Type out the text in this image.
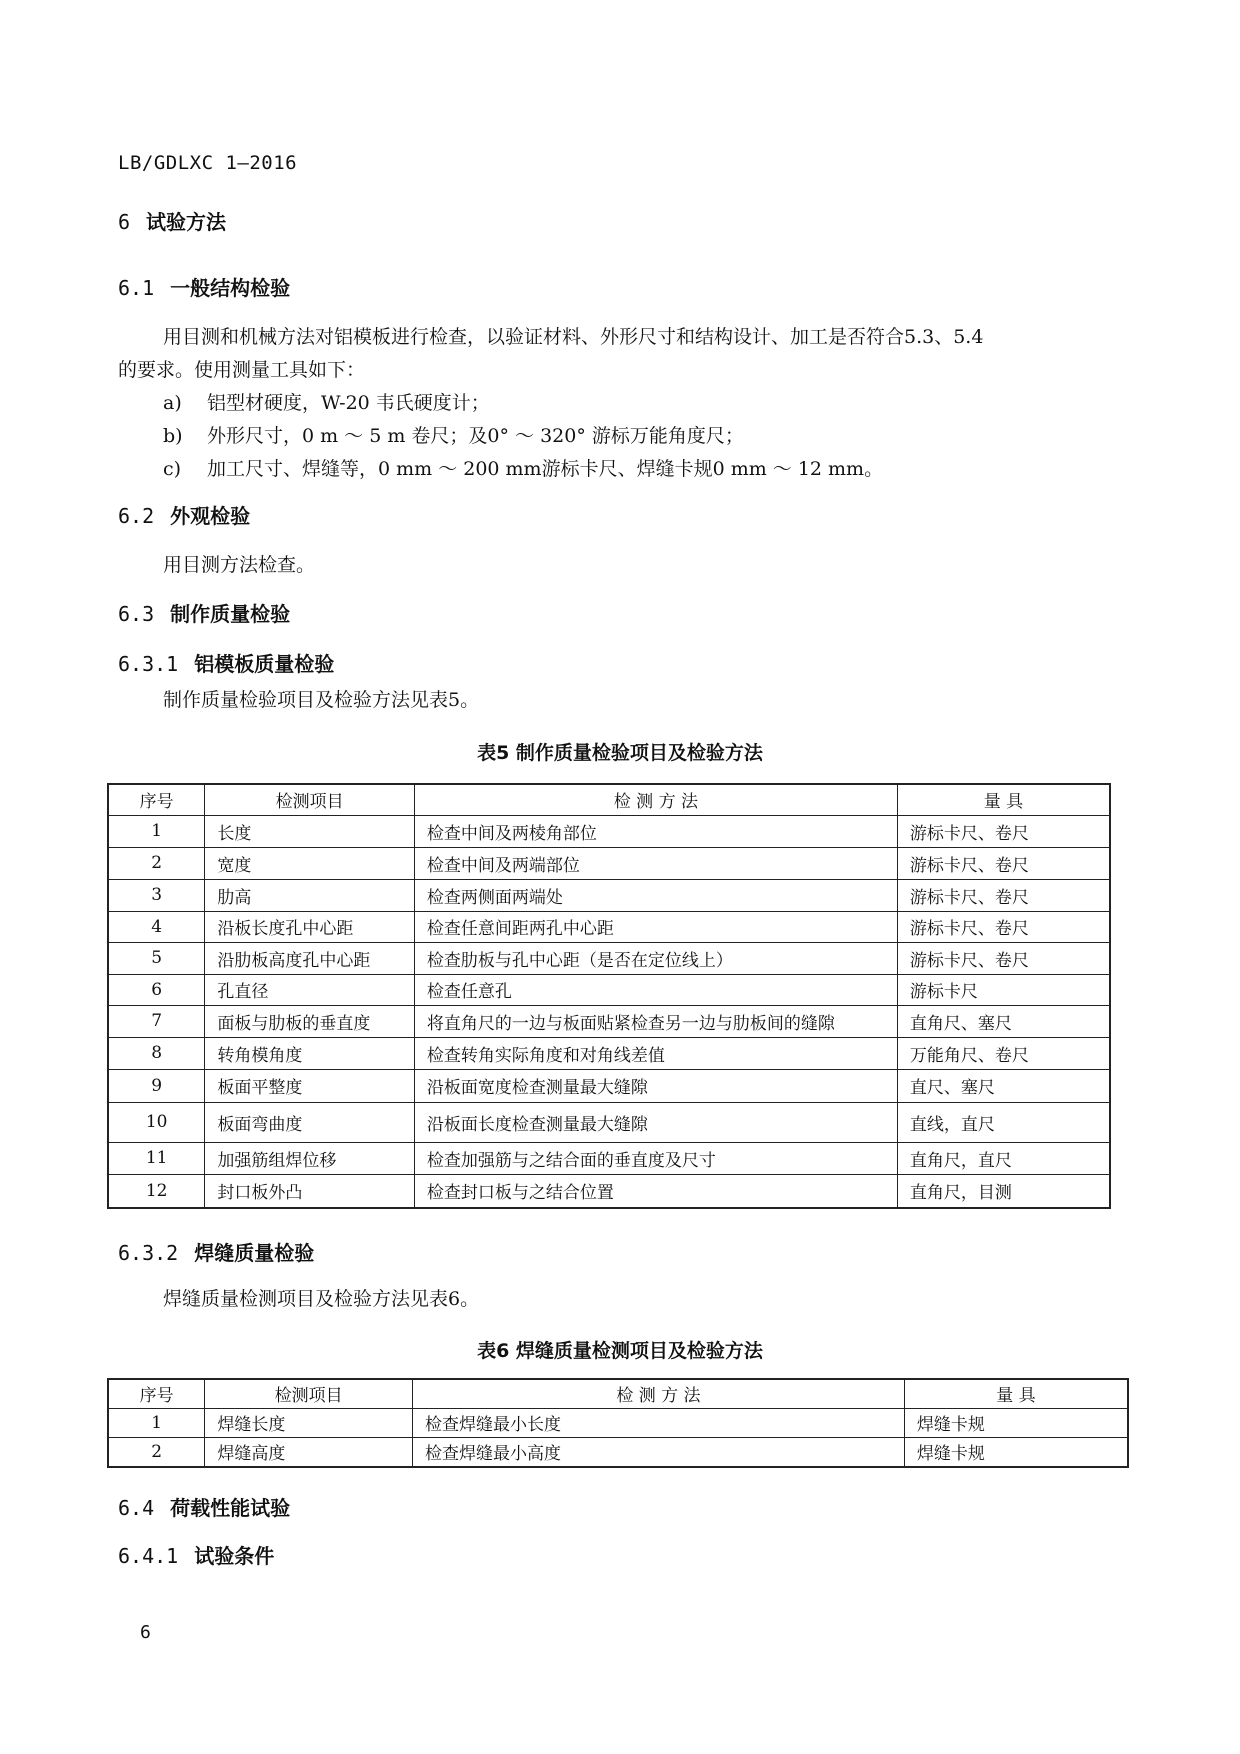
LB/GDLXC 1—2016
6 试验方法
6.1 一般结构检验
用目测和机械方法对铝模板进行检查，以验证材料、外形尺寸和结构设计、加工是否符合5.3、5.4
的要求。使用测量工具如下：
a) 铝型材硬度，W-20 韦氏硬度计；
b) 外形尺寸，0 m ～ 5 m 卷尺；及0° ～ 320° 游标万能角度尺；
c) 加工尺寸、焊缝等，0 mm ～ 200 mm游标卡尺、焊缝卡规0 mm ～ 12 mm。
6.2 外观检验
用目测方法检查。
6.3 制作质量检验
6.3.1 铝模板质量检验
制作质量检验项目及检验方法见表5。
表5 制作质量检验项目及检验方法
序号	检测项目	检 测 方 法	量 具
1	长度	检查中间及两棱角部位	游标卡尺、卷尺
2	宽度	检查中间及两端部位	游标卡尺、卷尺
3	肋高	检查两侧面两端处	游标卡尺、卷尺
4	沿板长度孔中心距	检查任意间距两孔中心距	游标卡尺、卷尺
5	沿肋板高度孔中心距	检查肋板与孔中心距（是否在定位线上）	游标卡尺、卷尺
6	孔直径	检查任意孔	游标卡尺
7	面板与肋板的垂直度	将直角尺的一边与板面贴紧检查另一边与肋板间的缝隙	直角尺、塞尺
8	转角模角度	检查转角实际角度和对角线差值	万能角尺、卷尺
9	板面平整度	沿板面宽度检查测量最大缝隙	直尺、塞尺
10	板面弯曲度	沿板面长度检查测量最大缝隙	直线，直尺
11	加强筋组焊位移	检查加强筋与之结合面的垂直度及尺寸	直角尺，直尺
12	封口板外凸	检查封口板与之结合位置	直角尺，目测
6.3.2 焊缝质量检验
焊缝质量检测项目及检验方法见表6。
表6 焊缝质量检测项目及检验方法
序号	检测项目	检 测 方 法	量 具
1	焊缝长度	检查焊缝最小长度	焊缝卡规
2	焊缝高度	检查焊缝最小高度	焊缝卡规
6.4 荷载性能试验
6.4.1 试验条件
6
